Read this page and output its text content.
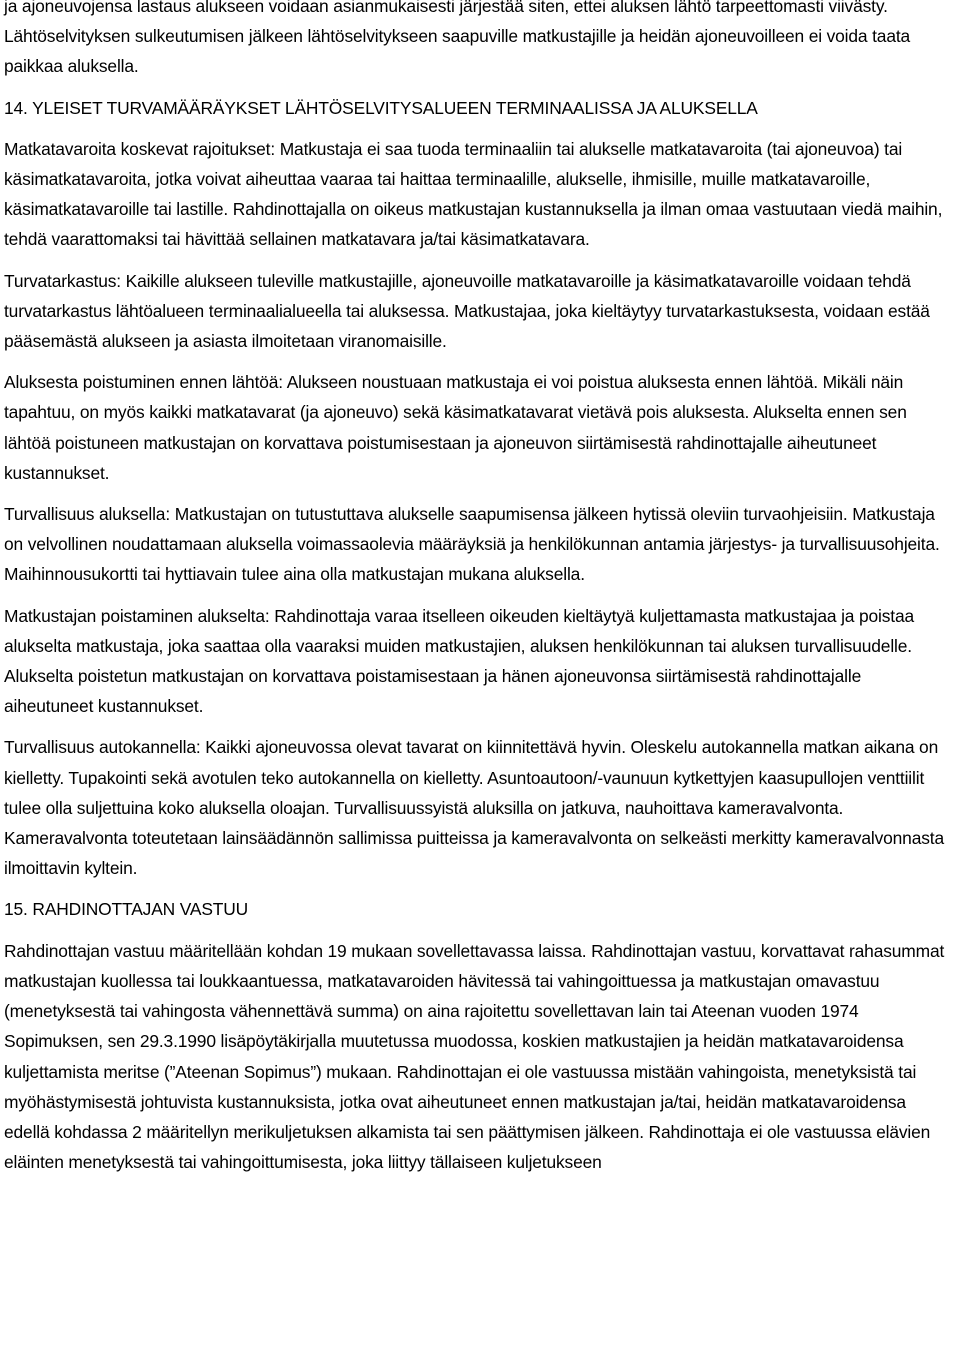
ja ajoneuvojensa lastaus alukseen voidaan asianmukaisesti järjestää siten, ettei aluksen lähtö tarpeettomasti viivästy. Lähtöselvityksen sulkeutumisen jälkeen lähtöselvitykseen saapuville matkustajille ja heidän ajoneuvoilleen ei voida taata paikkaa aluksella.

14. YLEISET TURVAMÄÄRÄYKSET LÄHTÖSELVITYSALUEEN TERMINAALISSA JA ALUKSELLA

Matkatavaroita koskevat rajoitukset: Matkustaja ei saa tuoda terminaaliin tai alukselle matkatavaroita (tai ajoneuvoa) tai käsimatkatavaroita, jotka voivat aiheuttaa vaaraa tai haittaa terminaalille, alukselle, ihmisille, muille matkatavaroille, käsimatkatavaroille tai lastille. Rahdinottajalla on oikeus matkustajan kustannuksella ja ilman omaa vastuutaan viedä maihin, tehdä vaarattomaksi tai hävittää sellainen matkatavara ja/tai käsimatkatavara.

Turvatarkastus: Kaikille alukseen tuleville matkustajille, ajoneuvoille matkatavaroille ja käsimatkatavaroille voidaan tehdä turvatarkastus lähtöalueen terminaalialueella tai aluksessa. Matkustajaa, joka kieltäytyy turvatarkastuksesta, voidaan estää pääsemästä alukseen ja asiasta ilmoitetaan viranomaisille.

Aluksesta poistuminen ennen lähtöä: Alukseen noustuaan matkustaja ei voi poistua aluksesta ennen lähtöä. Mikäli näin tapahtuu, on myös kaikki matkatavarat (ja ajoneuvo) sekä käsimatkatavarat vietävä pois aluksesta. Alukselta ennen sen lähtöä poistuneen matkustajan on korvattava poistumisestaan ja ajoneuvon siirtämisestä rahdinottajalle aiheutuneet kustannukset.

Turvallisuus aluksella: Matkustajan on tutustuttava alukselle saapumisensa jälkeen hytissä oleviin turvaohjeisiin. Matkustaja on velvollinen noudattamaan aluksella voimassaolevia määräyksiä ja henkilökunnan antamia järjestys- ja turvallisuusohjeita. Maihinnousukortti tai hyttiavain tulee aina olla matkustajan mukana aluksella.

Matkustajan poistaminen alukselta: Rahdinottaja varaa itselleen oikeuden kieltäytyä kuljettamasta matkustajaa ja poistaa alukselta matkustaja, joka saattaa olla vaaraksi muiden matkustajien, aluksen henkilökunnan tai aluksen turvallisuudelle. Alukselta poistetun matkustajan on korvattava poistamisestaan ja hänen ajoneuvonsa siirtämisestä rahdinottajalle aiheutuneet kustannukset.

Turvallisuus autokannella: Kaikki ajoneuvossa olevat tavarat on kiinnitettävä hyvin. Oleskelu autokannella matkan aikana on kielletty. Tupakointi sekä avotulen teko autokannella on kielletty. Asuntoautoon/-vaunuun kytkettyjen kaasupullojen venttiilit tulee olla suljettuina koko aluksella oloajan. Turvallisuussyistä aluksilla on jatkuva, nauhoittava kameravalvonta. Kameravalvonta toteutetaan lainsäädännön sallimissa puitteissa ja kameravalvonta on selkeästi merkitty kameravalvonnasta ilmoittavin kyltein.

15. RAHDINOTTAJAN VASTUU

Rahdinottajan vastuu määritellään kohdan 19 mukaan sovellettavassa laissa. Rahdinottajan vastuu, korvattavat rahasummat matkustajan kuollessa tai loukkaantuessa, matkatavaroiden hävitessä tai vahingoittuessa ja matkustajan omavastuu (menetyksestä tai vahingosta vähennettävä summa) on aina rajoitettu sovellettavan lain tai Ateenan vuoden 1974 Sopimuksen, sen 29.3.1990 lisäpöytäkirjalla muutetussa muodossa, koskien matkustajien ja heidän matkatavaroidensa kuljettamista meritse (”Ateenan Sopimus”) mukaan. Rahdinottajan ei ole vastuussa mistään vahingoista, menetyksistä tai myöhästymisestä johtuvista kustannuksista, jotka ovat aiheutuneet ennen matkustajan ja/tai, heidän matkatavaroidensa edellä kohdassa 2 määritellyn merikuljetuksen alkamista tai sen päättymisen jälkeen. Rahdinottaja ei ole vastuussa elävien eläinten menetyksestä tai vahingoittumisesta, joka liittyy tällaiseen kuljetukseen
